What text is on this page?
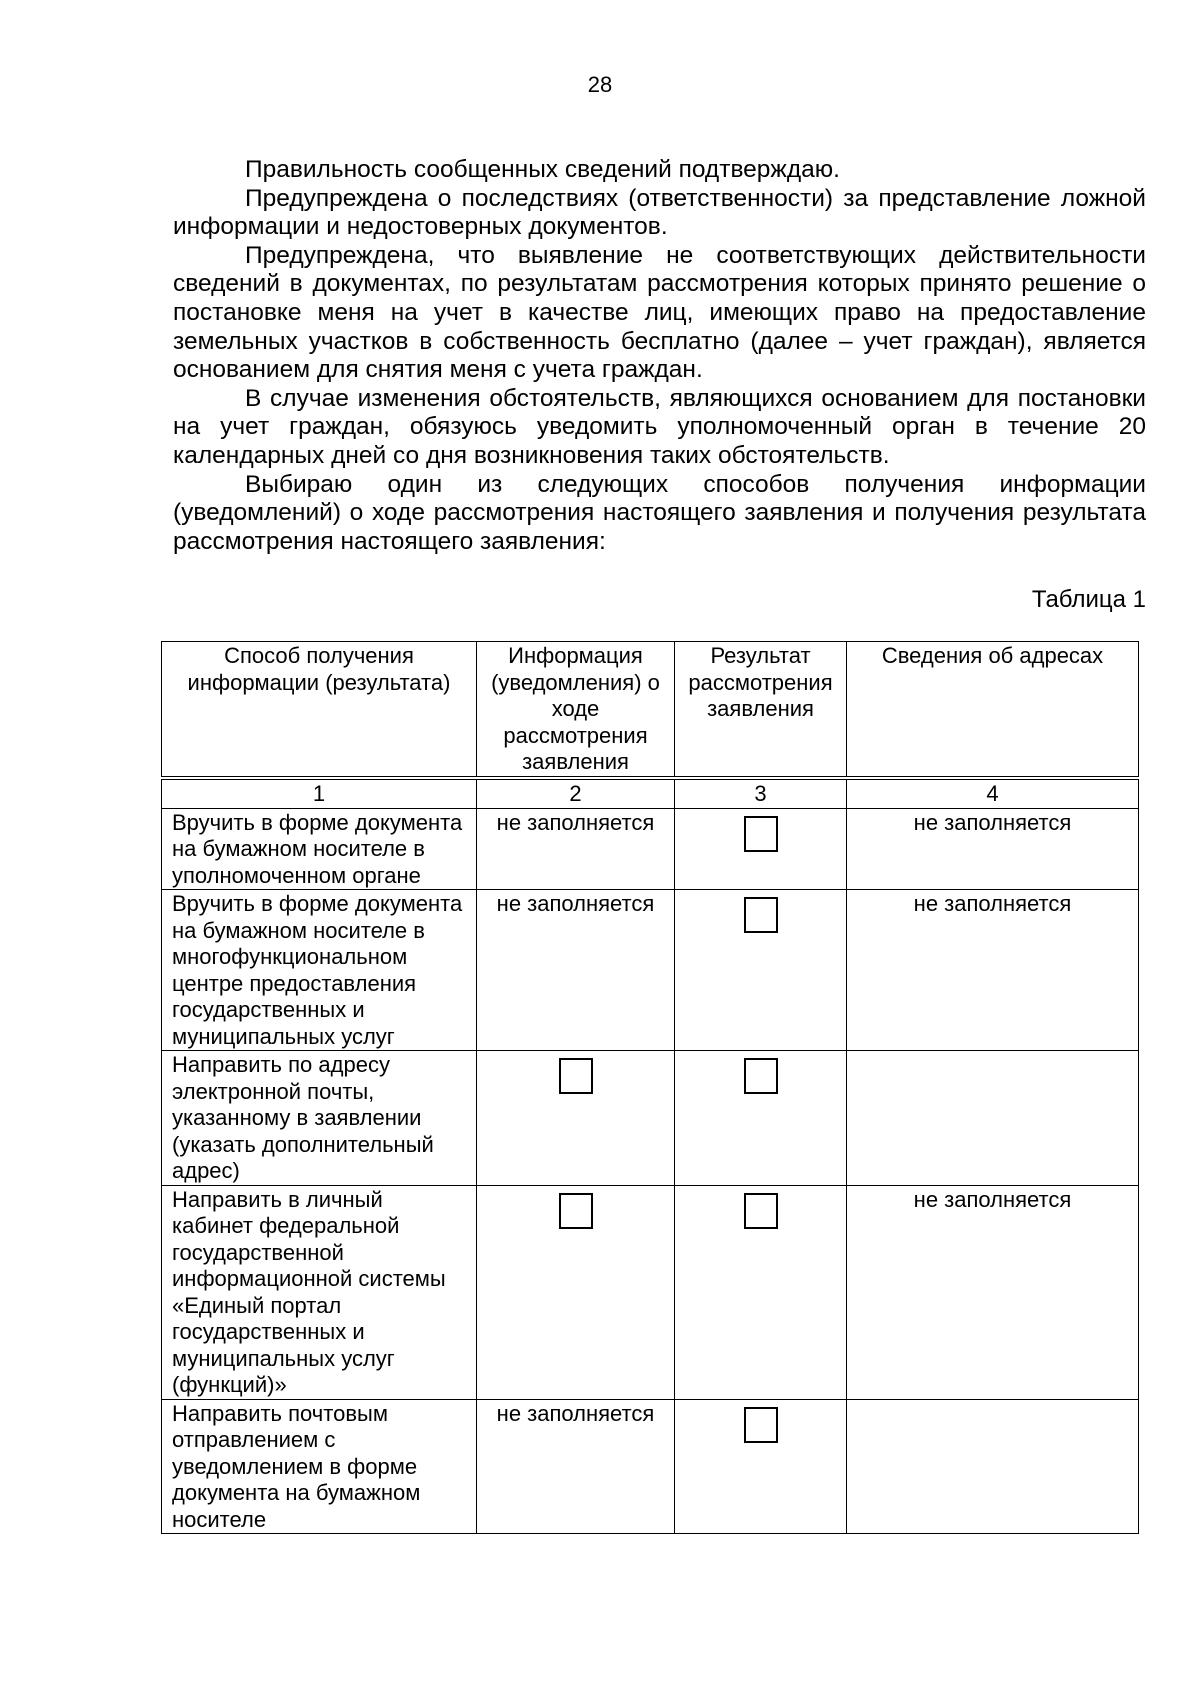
28

Правильность сообщенных сведений подтверждаю.

Предупреждена о последствиях (ответственности) за представление ложной информации и недостоверных документов.

Предупреждена, что выявление не соответствующих действительности сведений в документах, по результатам рассмотрения которых принято решение о постановке меня на учет в качестве лиц, имеющих право на предоставление земельных участков в собственность бесплатно (далее – учет граждан), является основанием для снятия меня с учета граждан.

В случае изменения обстоятельств, являющихся основанием для постановки на учет граждан, обязуюсь уведомить уполномоченный орган в течение 20 календарных дней со дня возникновения таких обстоятельств.

Выбираю один из следующих способов получения информации (уведомлений) о ходе рассмотрения настоящего заявления и получения результата рассмотрения настоящего заявления:

Таблица 1
Способ получения информации (результата)	Информация (уведомления) о ходе рассмотрения заявления	Результат рассмотрения заявления	Сведения об адресах
1	2	3	4
Вручить в форме документа на бумажном носителе в уполномоченном органе	не заполняется		не заполняется
Вручить в форме документа на бумажном носителе в многофункциональном центре предоставления государственных и муниципальных услуг	не заполняется		не заполняется
Направить по адресу электронной почты, указанному в заявлении (указать дополнительный адрес)			
Направить в личный кабинет федеральной государственной информационной системы «Единый портал государственных и муниципальных услуг (функций)»			не заполняется
Направить почтовым отправлением с уведомлением в форме документа на бумажном носителе	не заполняется		
